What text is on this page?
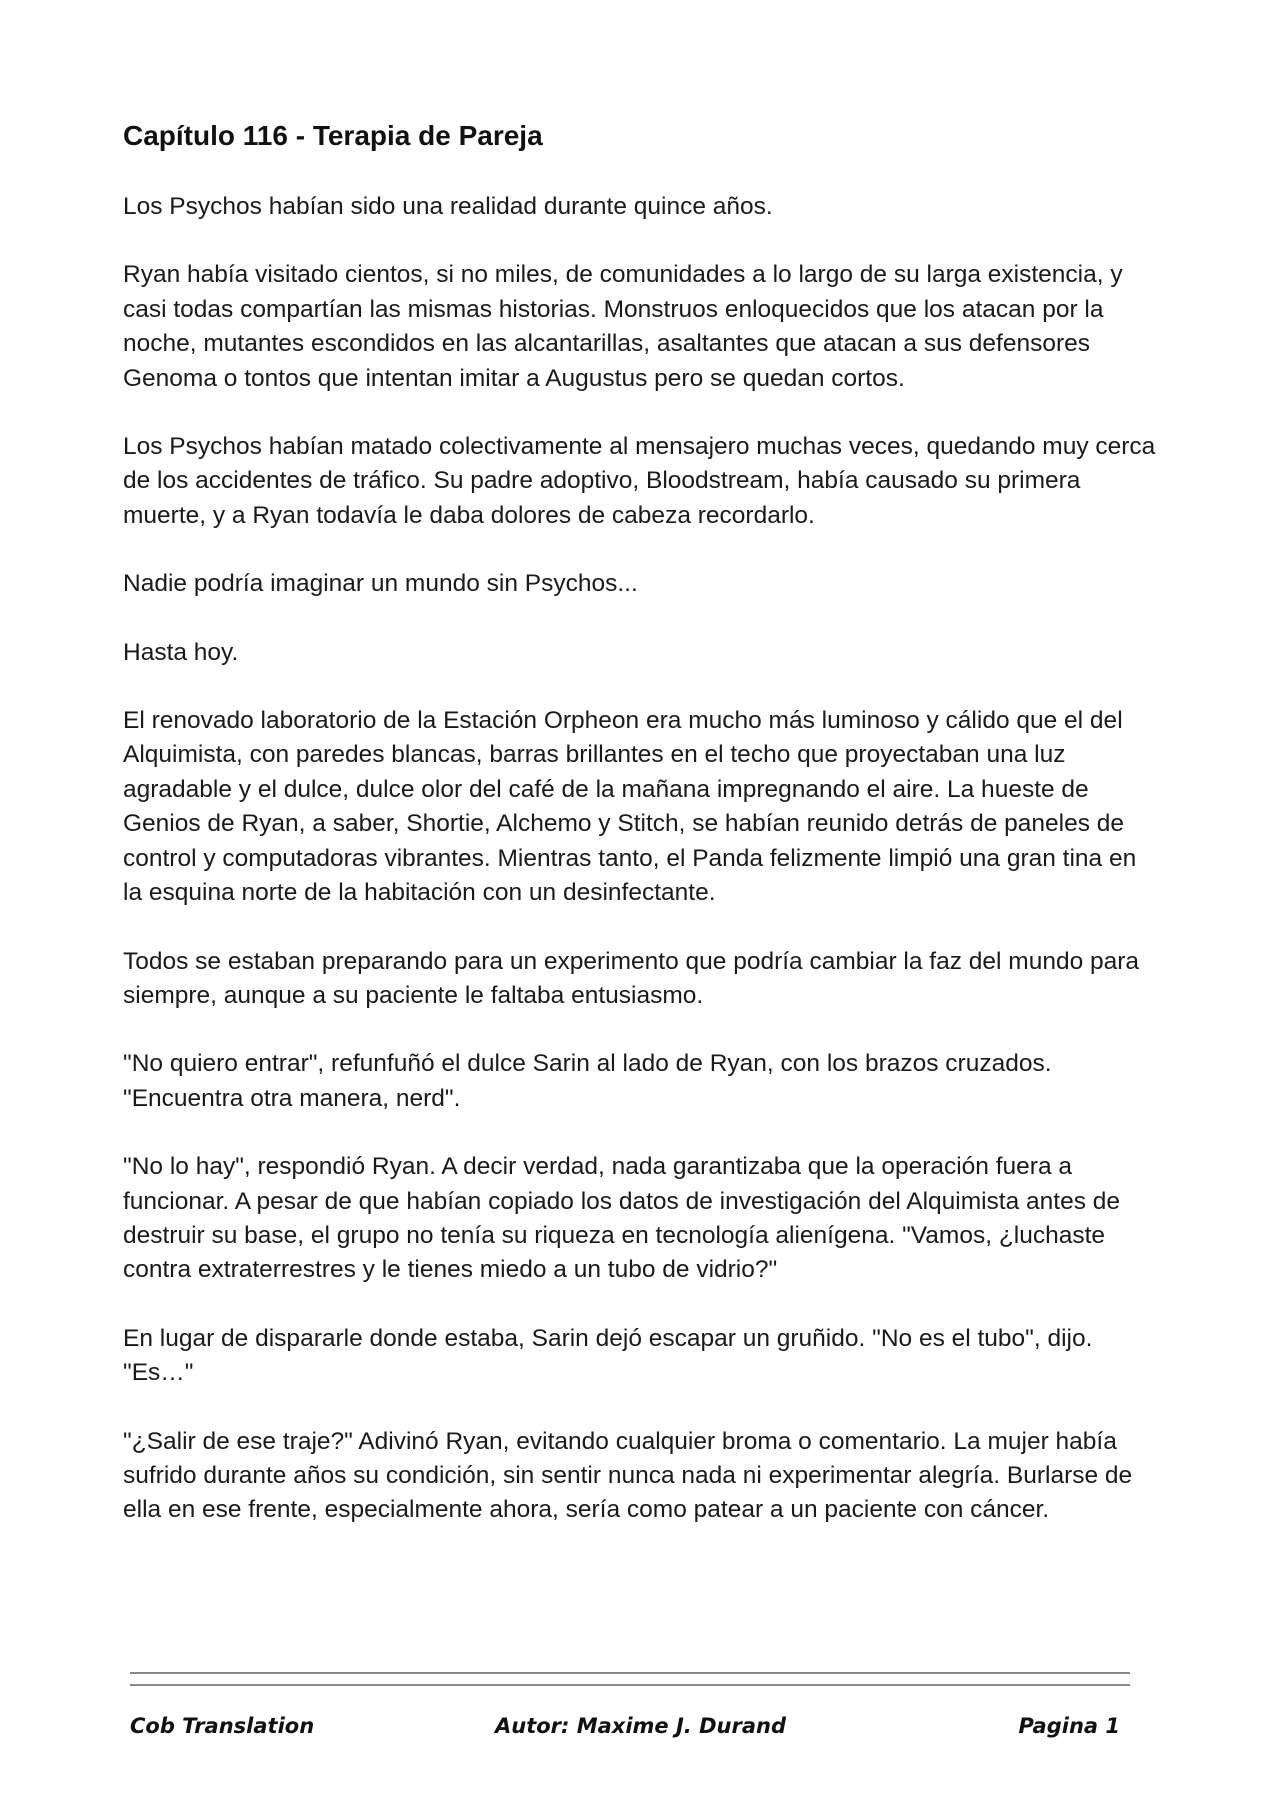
Capítulo 116 - Terapia de Pareja

Los Psychos habían sido una realidad durante quince años.

Ryan había visitado cientos, si no miles, de comunidades a lo largo de su larga existencia, y casi todas compartían las mismas historias. Monstruos enloquecidos que los atacan por la noche, mutantes escondidos en las alcantarillas, asaltantes que atacan a sus defensores Genoma o tontos que intentan imitar a Augustus pero se quedan cortos.

Los Psychos habían matado colectivamente al mensajero muchas veces, quedando muy cerca de los accidentes de tráfico. Su padre adoptivo, Bloodstream, había causado su primera muerte, y a Ryan todavía le daba dolores de cabeza recordarlo.

Nadie podría imaginar un mundo sin Psychos...

Hasta hoy.

El renovado laboratorio de la Estación Orpheon era mucho más luminoso y cálido que el del Alquimista, con paredes blancas, barras brillantes en el techo que proyectaban una luz agradable y el dulce, dulce olor del café de la mañana impregnando el aire. La hueste de Genios de Ryan, a saber, Shortie, Alchemo y Stitch, se habían reunido detrás de paneles de control y computadoras vibrantes. Mientras tanto, el Panda felizmente limpió una gran tina en la esquina norte de la habitación con un desinfectante.

Todos se estaban preparando para un experimento que podría cambiar la faz del mundo para siempre, aunque a su paciente le faltaba entusiasmo.

"No quiero entrar", refunfuñó el dulce Sarin al lado de Ryan, con los brazos cruzados. "Encuentra otra manera, nerd".

"No lo hay", respondió Ryan. A decir verdad, nada garantizaba que la operación fuera a funcionar. A pesar de que habían copiado los datos de investigación del Alquimista antes de destruir su base, el grupo no tenía su riqueza en tecnología alienígena. "Vamos, ¿luchaste contra extraterrestres y le tienes miedo a un tubo de vidrio?"

En lugar de dispararle donde estaba, Sarin dejó escapar un gruñido. "No es el tubo", dijo. "Es…"

"¿Salir de ese traje?" Adivinó Ryan, evitando cualquier broma o comentario. La mujer había sufrido durante años su condición, sin sentir nunca nada ni experimentar alegría. Burlarse de ella en ese frente, especialmente ahora, sería como patear a un paciente con cáncer.

Cob Translation	Autor: Maxime J. Durand	Pagina 1
